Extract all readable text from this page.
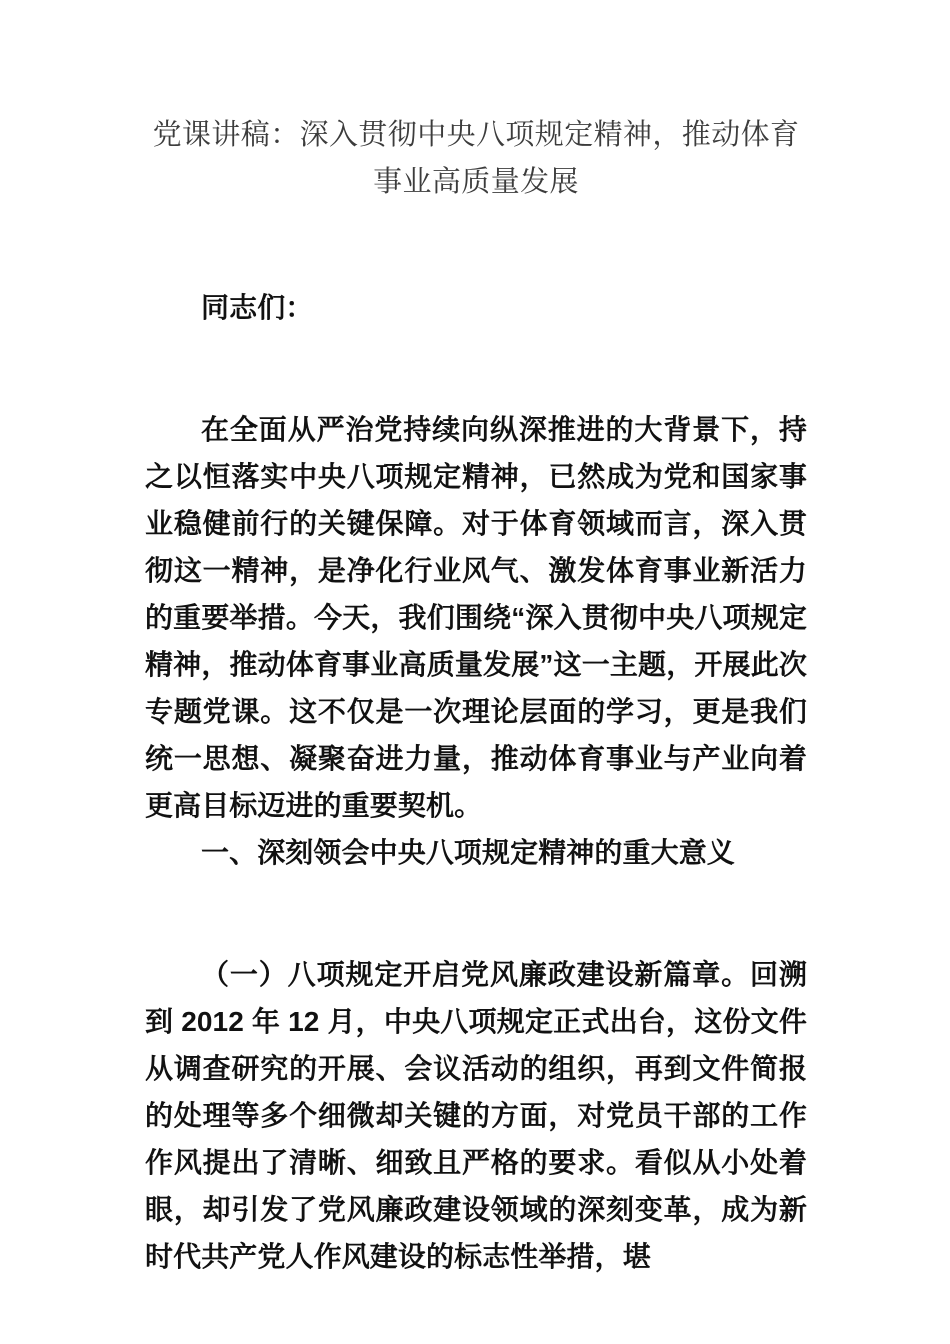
党课讲稿：深入贯彻中央八项规定精神，推动体育事业高质量发展

同志们：

在全面从严治党持续向纵深推进的大背景下，持之以恒落实中央八项规定精神，已然成为党和国家事业稳健前行的关键保障。对于体育领域而言，深入贯彻这一精神，是净化行业风气、激发体育事业新活力的重要举措。今天，我们围绕“深入贯彻中央八项规定精神，推动体育事业高质量发展”这一主题，开展此次专题党课。这不仅是一次理论层面的学习，更是我们统一思想、凝聚奋进力量，推动体育事业与产业向着更高目标迈进的重要契机。

一、深刻领会中央八项规定精神的重大意义

（一）八项规定开启党风廉政建设新篇章。回溯到 2012 年 12 月，中央八项规定正式出台，这份文件从调查研究的开展、会议活动的组织，再到文件简报的处理等多个细微却关键的方面，对党员干部的工作作风提出了清晰、细致且严格的要求。看似从小处着眼，却引发了党风廉政建设领域的深刻变革，成为新时代共产党人作风建设的标志性举措，堪
